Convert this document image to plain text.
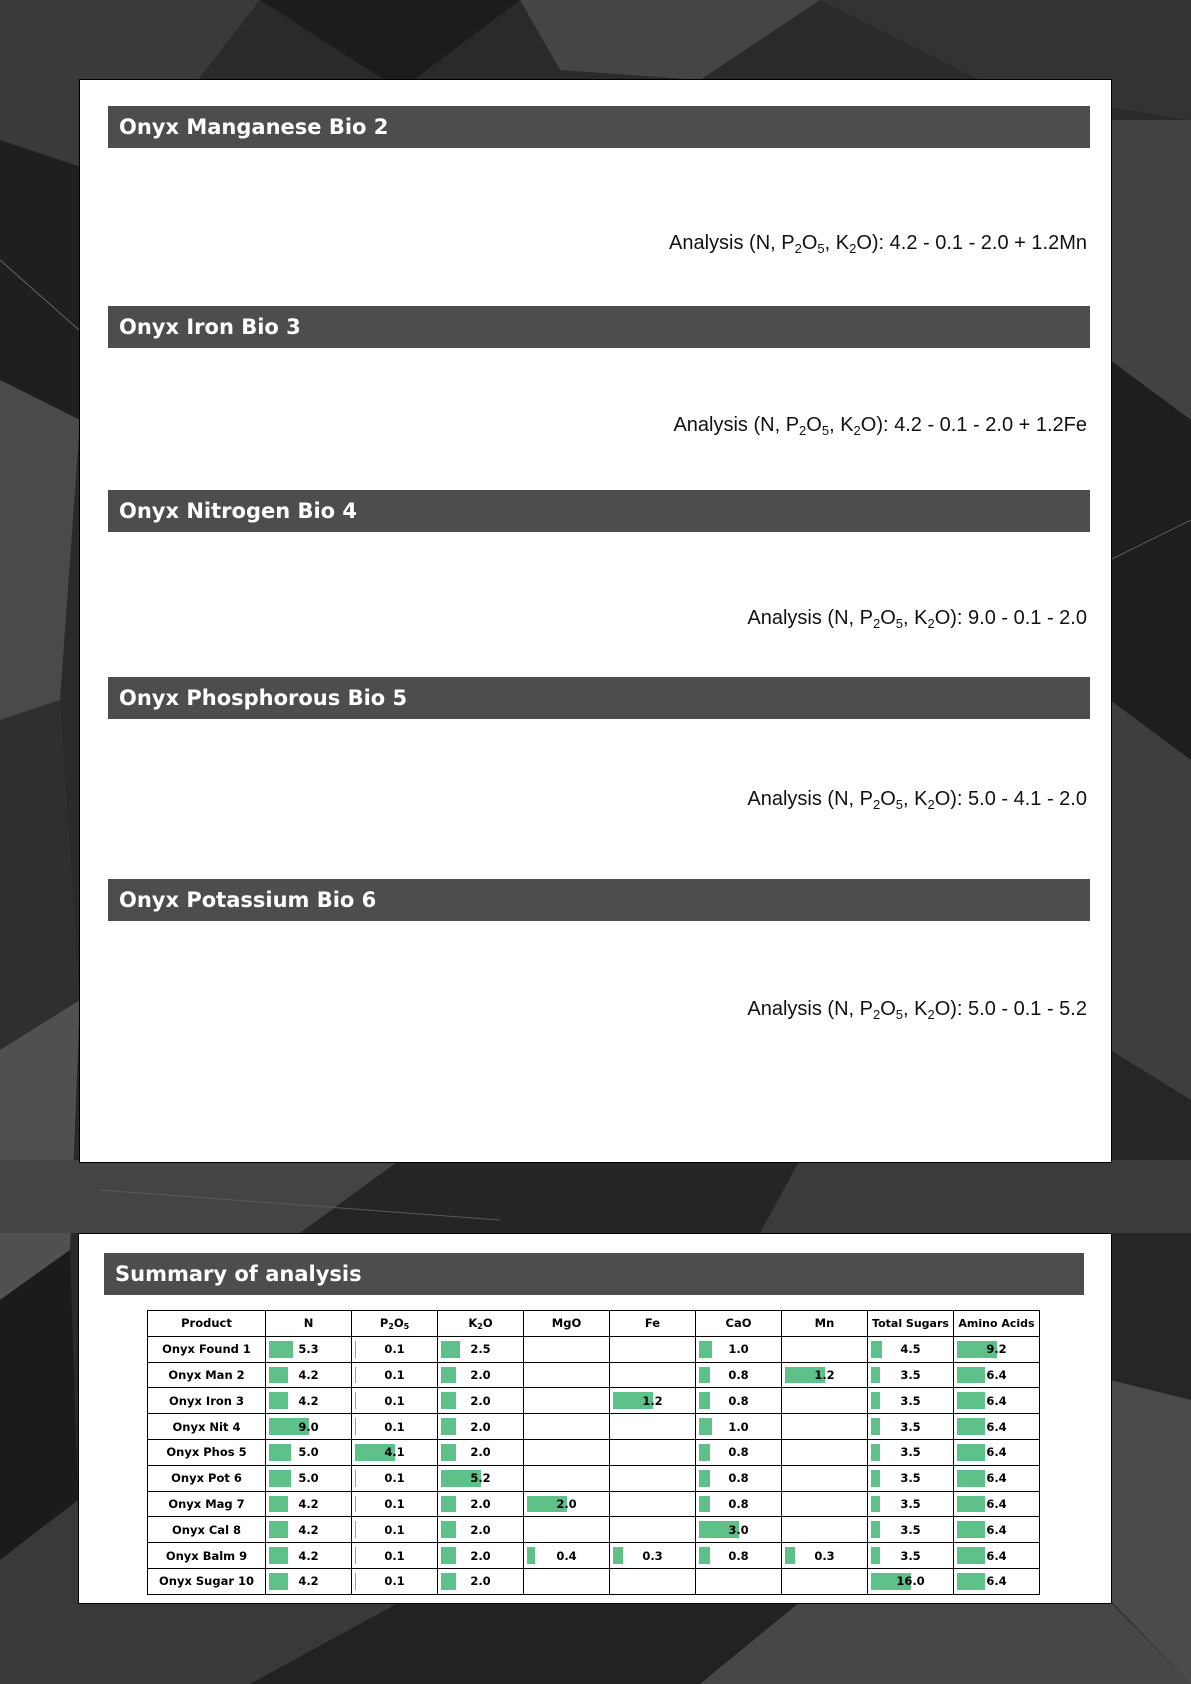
Onyx Manganese Bio 2
Analysis (N, $P_2O_5$, $K_2O$): 4.2 - 0.1 - 2.0 + 1.2Mn
Onyx Iron Bio 3
Analysis (N, $P_2O_5$, $K_2O$): 4.2 - 0.1 - 2.0 + 1.2Fe
Onyx Nitrogen Bio 4
Analysis (N, $P_2O_5$, $K_2O$): 9.0 - 0.1 - 2.0
Onyx Phosphorous Bio 5
Analysis (N, $P_2O_5$, $K_2O$): 5.0 - 4.1 - 2.0
Onyx Potassium Bio 6
Analysis (N, $P_2O_5$, $K_2O$): 5.0 - 0.1 - 5.2
Summary of analysis
Product	N	$P_2O_5$	$K_2O$	MgO	Fe	CaO	Mn	Total Sugars	Amino Acids
Onyx Found 1	5.3	0.1	2.5			1.0		4.5	9.2
Onyx Man 2	4.2	0.1	2.0			0.8	1.2	3.5	6.4
Onyx Iron 3	4.2	0.1	2.0		1.2	0.8		3.5	6.4
Onyx Nit 4	9.0	0.1	2.0			1.0		3.5	6.4
Onyx Phos 5	5.0	4.1	2.0			0.8		3.5	6.4
Onyx Pot 6	5.0	0.1	5.2			0.8		3.5	6.4
Onyx Mag 7	4.2	0.1	2.0	2.0		0.8		3.5	6.4
Onyx Cal 8	4.2	0.1	2.0			3.0		3.5	6.4
Onyx Balm 9	4.2	0.1	2.0	0.4	0.3	0.8	0.3	3.5	6.4
Onyx Sugar 10	4.2	0.1	2.0					16.0	6.4
